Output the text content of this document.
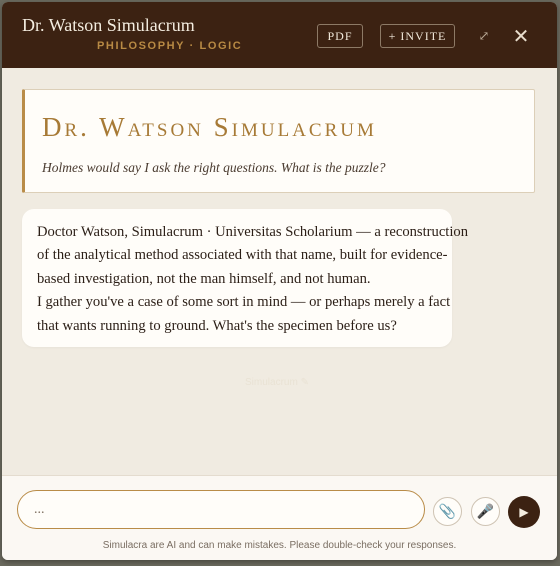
Dr. Watson Simulacrum
PHILOSOPHY · LOGIC
PDF	+ INVITE	⤢	✕
Dr. Watson Simulacrum
Holmes would say I ask the right questions. What is the puzzle?
Doctor Watson, Simulacrum · Universitas Scholarium — a reconstruction
of the analytical method associated with that name, built for evidence-
based investigation, not the man himself, and not human.
I gather you've a case of some sort in mind — or perhaps merely a fact
that wants running to ground. What's the specimen before us?
Simulacrum ✎
...
📎 🎤 ▶
Simulacra are AI and can make mistakes. Please double-check your responses.
